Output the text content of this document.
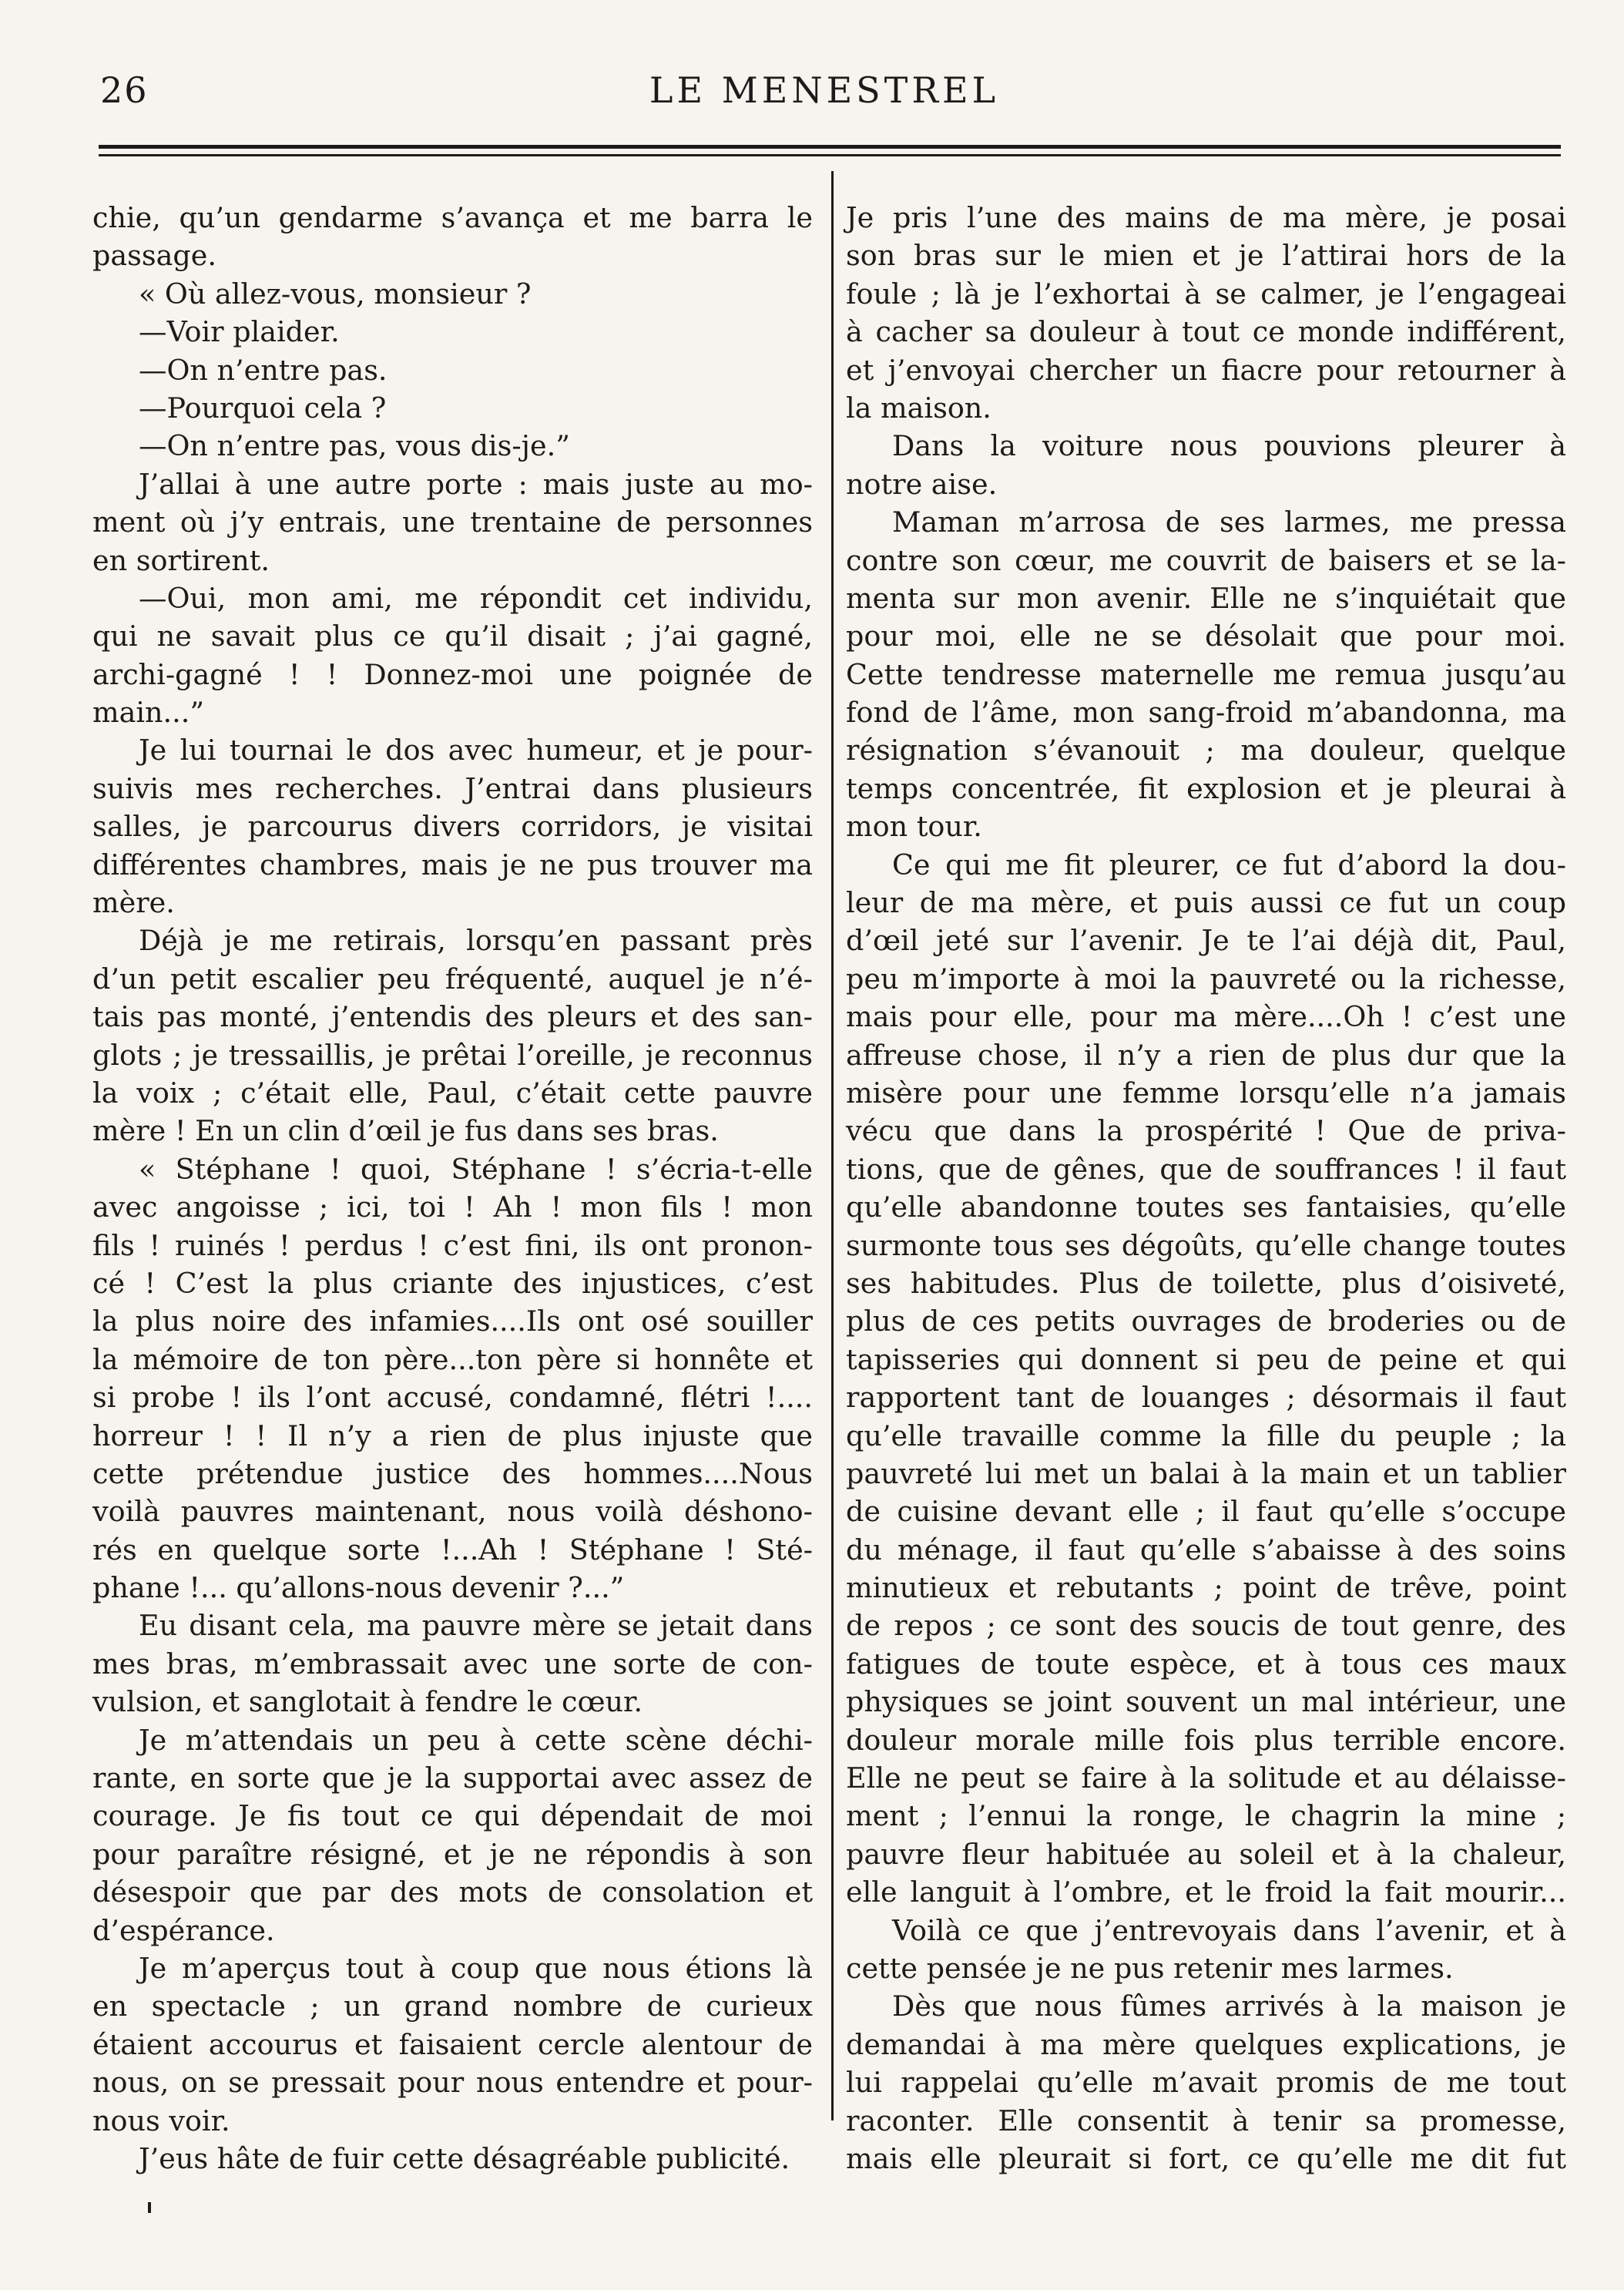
26	LE MENESTREL
chie, qu’un gendarme s’avança et me barra le
passage.
« Où allez-vous, monsieur ?
—Voir plaider.
—On n’entre pas.
—Pourquoi cela ?
—On n’entre pas, vous dis-je.”
J’allai à une autre porte : mais juste au mo-
ment où j’y entrais, une trentaine de personnes
en sortirent.
—Oui, mon ami, me répondit cet individu,
qui ne savait plus ce qu’il disait ; j’ai gagné,
archi-gagné ! ! Donnez-moi une poignée de
main...”
Je lui tournai le dos avec humeur, et je pour-
suivis mes recherches. J’entrai dans plusieurs
salles, je parcourus divers corridors, je visitai
différentes chambres, mais je ne pus trouver ma
mère.
Déjà je me retirais, lorsqu’en passant près
d’un petit escalier peu fréquenté, auquel je n’é-
tais pas monté, j’entendis des pleurs et des san-
glots ; je tressaillis, je prêtai l’oreille, je reconnus
la voix ; c’était elle, Paul, c’était cette pauvre
mère ! En un clin d’œil je fus dans ses bras.
« Stéphane ! quoi, Stéphane ! s’écria-t-elle
avec angoisse ; ici, toi ! Ah ! mon fils ! mon
fils ! ruinés ! perdus ! c’est fini, ils ont pronon-
cé ! C’est la plus criante des injustices, c’est
la plus noire des infamies....Ils ont osé souiller
la mémoire de ton père...ton père si honnête et
si probe ! ils l’ont accusé, condamné, flétri !....
horreur ! ! Il n’y a rien de plus injuste que
cette prétendue justice des hommes....Nous
voilà pauvres maintenant, nous voilà déshono-
rés en quelque sorte !...Ah ! Stéphane ! Sté-
phane !... qu’allons-nous devenir ?...”
Eu disant cela, ma pauvre mère se jetait dans
mes bras, m’embrassait avec une sorte de con-
vulsion, et sanglotait à fendre le cœur.
Je m’attendais un peu à cette scène déchi-
rante, en sorte que je la supportai avec assez de
courage. Je fis tout ce qui dépendait de moi
pour paraître résigné, et je ne répondis à son
désespoir que par des mots de consolation et
d’espérance.
Je m’aperçus tout à coup que nous étions là
en spectacle ; un grand nombre de curieux
étaient accourus et faisaient cercle alentour de
nous, on se pressait pour nous entendre et pour-
nous voir.
J’eus hâte de fuir cette désagréable publicité.
Je pris l’une des mains de ma mère, je posai
son bras sur le mien et je l’attirai hors de la
foule ; là je l’exhortai à se calmer, je l’engageai
à cacher sa douleur à tout ce monde indifférent,
et j’envoyai chercher un fiacre pour retourner à
la maison.
Dans la voiture nous pouvions pleurer à
notre aise.
Maman m’arrosa de ses larmes, me pressa
contre son cœur, me couvrit de baisers et se la-
menta sur mon avenir. Elle ne s’inquiétait que
pour moi, elle ne se désolait que pour moi.
Cette tendresse maternelle me remua jusqu’au
fond de l’âme, mon sang-froid m’abandonna, ma
résignation s’évanouit ; ma douleur, quelque
temps concentrée, fit explosion et je pleurai à
mon tour.
Ce qui me fit pleurer, ce fut d’abord la dou-
leur de ma mère, et puis aussi ce fut un coup
d’œil jeté sur l’avenir. Je te l’ai déjà dit, Paul,
peu m’importe à moi la pauvreté ou la richesse,
mais pour elle, pour ma mère....Oh ! c’est une
affreuse chose, il n’y a rien de plus dur que la
misère pour une femme lorsqu’elle n’a jamais
vécu que dans la prospérité ! Que de priva-
tions, que de gênes, que de souffrances ! il faut
qu’elle abandonne toutes ses fantaisies, qu’elle
surmonte tous ses dégoûts, qu’elle change toutes
ses habitudes. Plus de toilette, plus d’oisiveté,
plus de ces petits ouvrages de broderies ou de
tapisseries qui donnent si peu de peine et qui
rapportent tant de louanges ; désormais il faut
qu’elle travaille comme la fille du peuple ; la
pauvreté lui met un balai à la main et un tablier
de cuisine devant elle ; il faut qu’elle s’occupe
du ménage, il faut qu’elle s’abaisse à des soins
minutieux et rebutants ; point de trêve, point
de repos ; ce sont des soucis de tout genre, des
fatigues de toute espèce, et à tous ces maux
physiques se joint souvent un mal intérieur, une
douleur morale mille fois plus terrible encore.
Elle ne peut se faire à la solitude et au délaisse-
ment ; l’ennui la ronge, le chagrin la mine ;
pauvre fleur habituée au soleil et à la chaleur,
elle languit à l’ombre, et le froid la fait mourir...
Voilà ce que j’entrevoyais dans l’avenir, et à
cette pensée je ne pus retenir mes larmes.
Dès que nous fûmes arrivés à la maison je
demandai à ma mère quelques explications, je
lui rappelai qu’elle m’avait promis de me tout
raconter. Elle consentit à tenir sa promesse,
mais elle pleurait si fort, ce qu’elle me dit fut
